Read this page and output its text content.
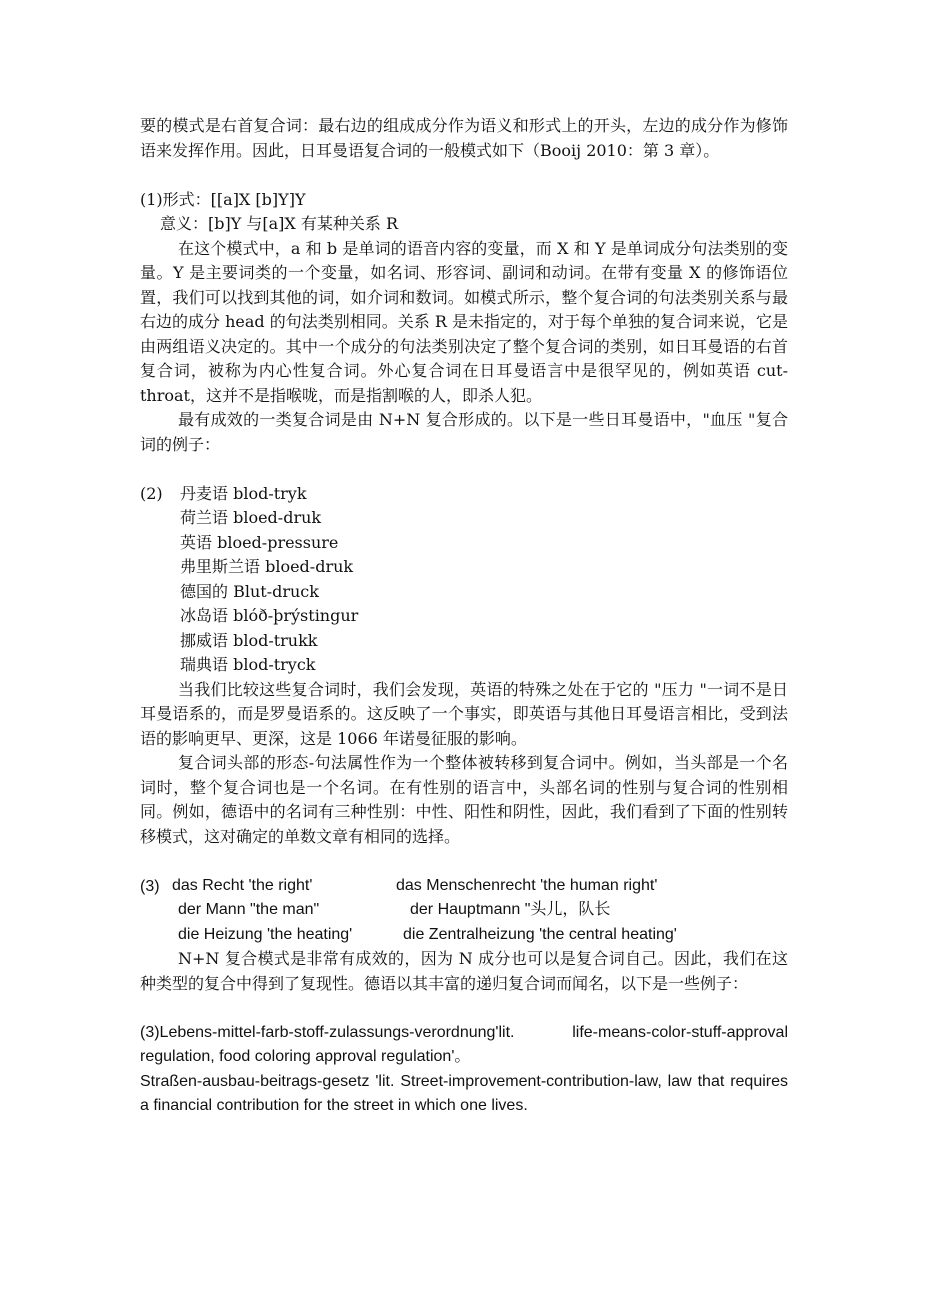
要的模式是右首复合词：最右边的组成成分作为语义和形式上的开头，左边的成分作为修饰语来发挥作用。因此，日耳曼语复合词的一般模式如下（Booij 2010：第 3 章）。

(1)形式：[[a]X [b]Y]Y

意义：[b]Y 与[a]X 有某种关系 R

在这个模式中，a 和 b 是单词的语音内容的变量，而 X 和 Y 是单词成分句法类别的变量。Y 是主要词类的一个变量，如名词、形容词、副词和动词。在带有变量 X 的修饰语位置，我们可以找到其他的词，如介词和数词。如模式所示，整个复合词的句法类别关系与最右边的成分 head 的句法类别相同。关系 R 是未指定的，对于每个单独的复合词来说，它是由两组语义决定的。其中一个成分的句法类别决定了整个复合词的类别，如日耳曼语的右首复合词，被称为内心性复合词。外心复合词在日耳曼语言中是很罕见的，例如英语 cut-throat，这并不是指喉咙，而是指割喉的人，即杀人犯。

最有成效的一类复合词是由 N+N 复合形成的。以下是一些日耳曼语中，"血压 "复合词的例子：

(2)	丹麦语 blod-tryk
荷兰语 bloed-druk
英语 bloed-pressure
弗里斯兰语 bloed-druk
德国的 Blut-druck
冰岛语 blóð-þrýstingur
挪威语 blod-trukk
瑞典语 blod-tryck

当我们比较这些复合词时，我们会发现，英语的特殊之处在于它的 "压力 "一词不是日耳曼语系的，而是罗曼语系的。这反映了一个事实，即英语与其他日耳曼语言相比，受到法语的影响更早、更深，这是 1066 年诺曼征服的影响。

复合词头部的形态-句法属性作为一个整体被转移到复合词中。例如，当头部是一个名词时，整个复合词也是一个名词。在有性别的语言中，头部名词的性别与复合词的性别相同。例如，德语中的名词有三种性别：中性、阳性和阴性，因此，我们看到了下面的性别转移模式，这对确定的单数文章有相同的选择。

(3) das Recht 'the right'	das Menschenrecht 'the human right'
der Mann "the man"	der Hauptmann "头儿，队长
die Heizung 'the heating'	die Zentralheizung 'the central heating'

N+N 复合模式是非常有成效的，因为 N 成分也可以是复合词自己。因此，我们在这种类型的复合中得到了复现性。德语以其丰富的递归复合词而闻名，以下是一些例子：

(3)Lebens-mittel-farb-stoff-zulassungs-verordnung'lit. life-means-color-stuff-approval regulation, food coloring approval regulation'。

Straßen-ausbau-beitrags-gesetz 'lit. Street-improvement-contribution-law, law that requires a financial contribution for the street in which one lives.
